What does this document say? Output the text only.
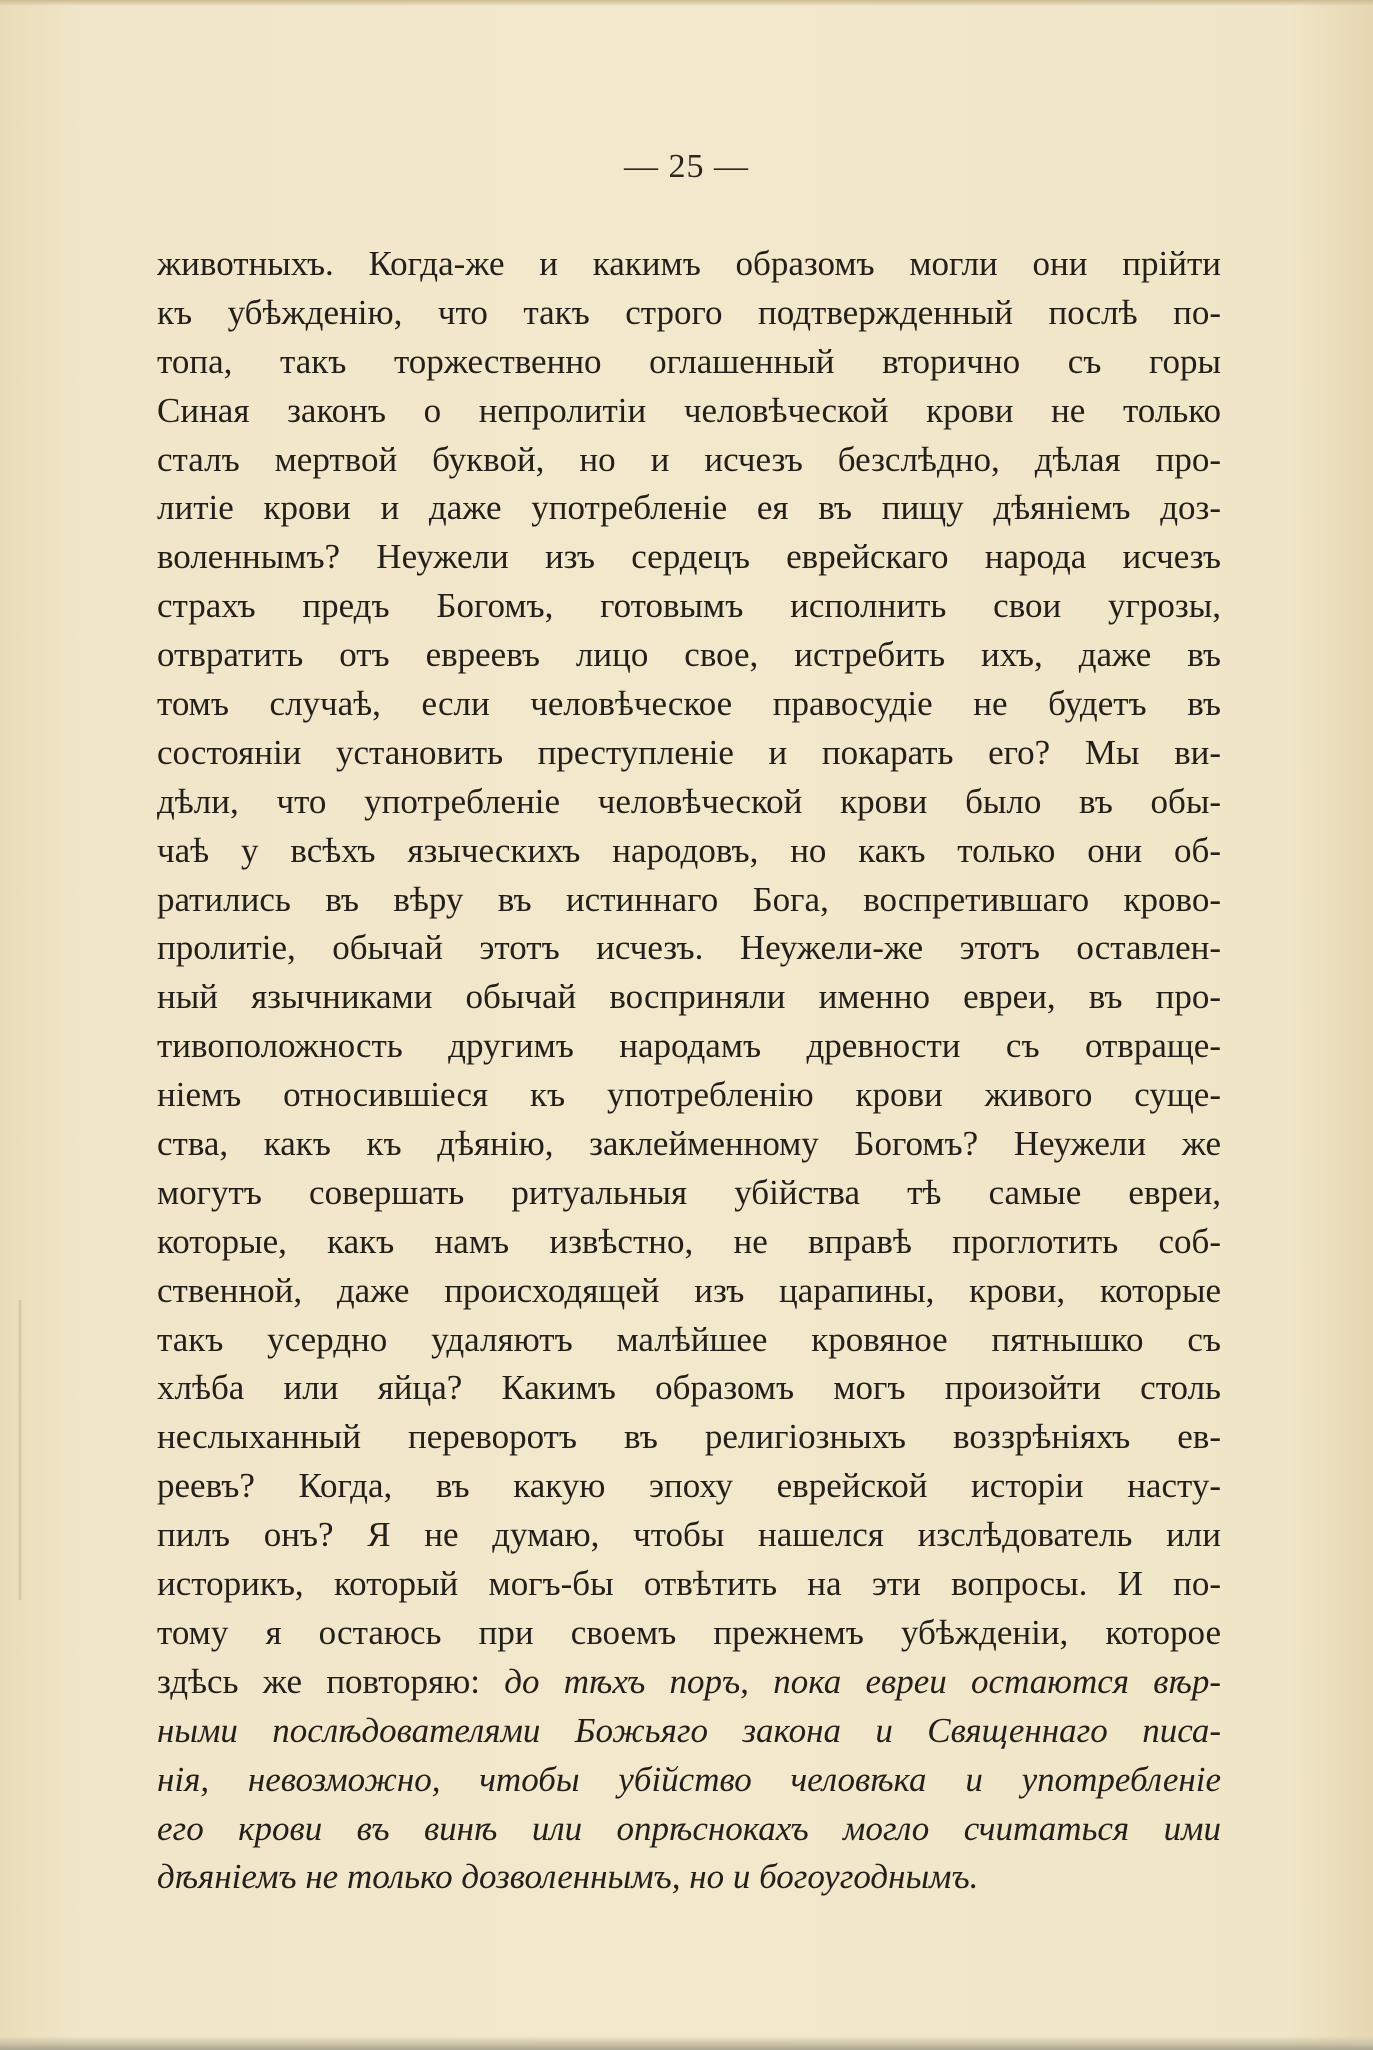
— 25 —
животныхъ. Когда-же и какимъ образомъ могли они прійти
къ убѣжденію, что такъ строго подтвержденный послѣ по-
топа, такъ торжественно оглашенный вторично съ горы
Синая законъ о непролитіи человѣческой крови не только
сталъ мертвой буквой, но и исчезъ безслѣдно, дѣлая про-
литіе крови и даже употребленіе ея въ пищу дѣяніемъ доз-
воленнымъ? Неужели изъ сердецъ еврейскаго народа исчезъ
страхъ предъ Богомъ, готовымъ исполнить свои угрозы,
отвратить отъ евреевъ лицо свое, истребить ихъ, даже въ
томъ случаѣ, если человѣческое правосудіе не будетъ въ
состояніи установить преступленіе и покарать его? Мы ви-
дѣли, что употребленіе человѣческой крови было въ обы-
чаѣ у всѣхъ языческихъ народовъ, но какъ только они об-
ратились въ вѣру въ истиннаго Бога, воспретившаго крово-
пролитіе, обычай этотъ исчезъ. Неужели-же этотъ оставлен-
ный язычниками обычай восприняли именно евреи, въ про-
тивоположность другимъ народамъ древности съ отвраще-
ніемъ относившіеся къ употребленію крови живого суще-
ства, какъ къ дѣянію, заклейменному Богомъ? Неужели же
могутъ совершать ритуальныя убійства тѣ самые евреи,
которые, какъ намъ извѣстно, не вправѣ проглотить соб-
ственной, даже происходящей изъ царапины, крови, которые
такъ усердно удаляютъ малѣйшее кровяное пятнышко съ
хлѣба или яйца? Какимъ образомъ могъ произойти столь
неслыханный переворотъ въ религіозныхъ воззрѣніяхъ ев-
реевъ? Когда, въ какую эпоху еврейской исторіи насту-
пилъ онъ? Я не думаю, чтобы нашелся изслѣдователь или
историкъ, который могъ-бы отвѣтить на эти вопросы. И по-
тому я остаюсь при своемъ прежнемъ убѣжденіи, которое
здѣсь же повторяю: до тѣхъ поръ, пока евреи остаются вѣр-
ными послѣдователями Божьяго закона и Священнаго писа-
нія, невозможно, чтобы убійство человѣка и употребленіе
его крови въ винѣ или опрѣснокахъ могло считаться ими
дѣяніемъ не только дозволеннымъ, но и богоугоднымъ.
